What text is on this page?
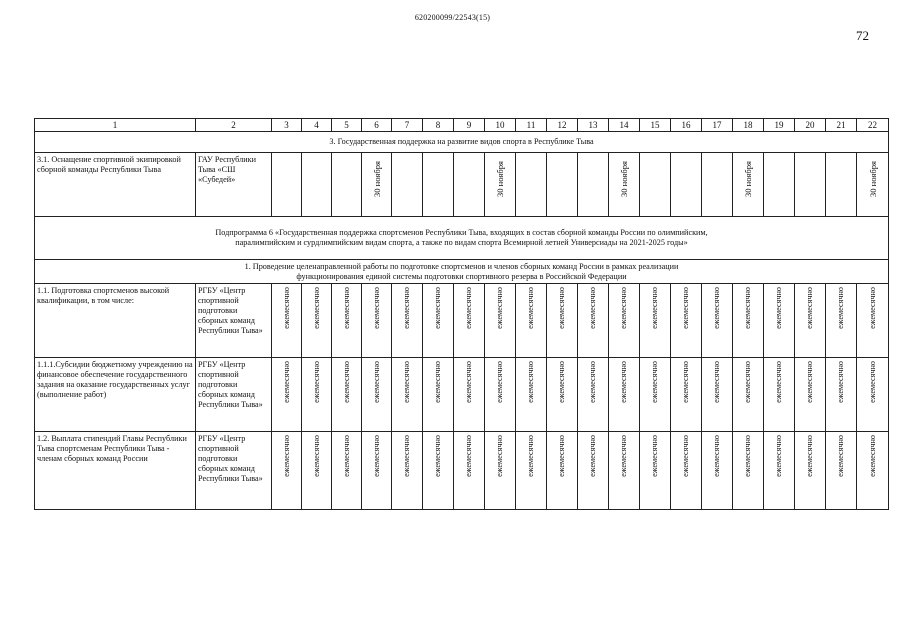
620200099/22543(15)
72
1	2	3	4	5	6	7	8	9	10	11	12	13	14	15	16	17	18	19	20	21	22
3. Государственная поддержка на развитие видов спорта в Республике Тыва																					
3.1. Оснащение спортивной экипировкой сборной команды Республики Тыва	ГАУ Республики Тыва «СШ «Субедей»				30 ноября				30 ноября				30 ноября				30 ноября				30 ноября

Подпрограмма 6 «Государственная поддержка спортсменов Республики Тыва, входящих в состав сборной команды России по олимпийским,
паралимпийским и сурдлимпийским видам спорта, а также по видам спорта Всемирной летней Универсиады на 2021-2025 годы»																					

1. Проведение целенаправленной работы по подготовке спортсменов и членов сборных команд России в рамках реализации
функционирования единой системы подготовки спортивного резерва в Российской Федерации																					

1.1. Подготовка спортсменов высокой квалификации, в том числе:	РГБУ «Центр спортивной подготовки сборных команд Республики Тыва»	ежемесячно	ежемесячно	ежемесячно	ежемесячно	ежемесячно	ежемесячно	ежемесячно	ежемесячно	ежемесячно	ежемесячно	ежемесячно	ежемесячно	ежемесячно	ежемесячно	ежемесячно	ежемесячно	ежемесячно	ежемесячно	ежемесячно	ежемесячно

1.1.1.Субсидии бюджетному учреждению на финансовое обеспечение государственного задания на оказание государственных услуг (выполнение работ)	РГБУ «Центр спортивной подготовки сборных команд Республики Тыва»	ежемесячно	ежемесячно	ежемесячно	ежемесячно	ежемесячно	ежемесячно	ежемесячно	ежемесячно	ежемесячно	ежемесячно	ежемесячно	ежемесячно	ежемесячно	ежемесячно	ежемесячно	ежемесячно	ежемесячно	ежемесячно	ежемесячно	ежемесячно

1.2. Выплата стипендий Главы Республики Тыва спортсменам Республики Тыва - членам сборных команд России	РГБУ «Центр спортивной подготовки сборных команд Республики Тыва»	ежемесячно	ежемесячно	ежемесячно	ежемесячно	ежемесячно	ежемесячно	ежемесячно	ежемесячно	ежемесячно	ежемесячно	ежемесячно	ежемесячно	ежемесячно	ежемесячно	ежемесячно	ежемесячно	ежемесячно	ежемесячно	ежемесячно	ежемесячно
